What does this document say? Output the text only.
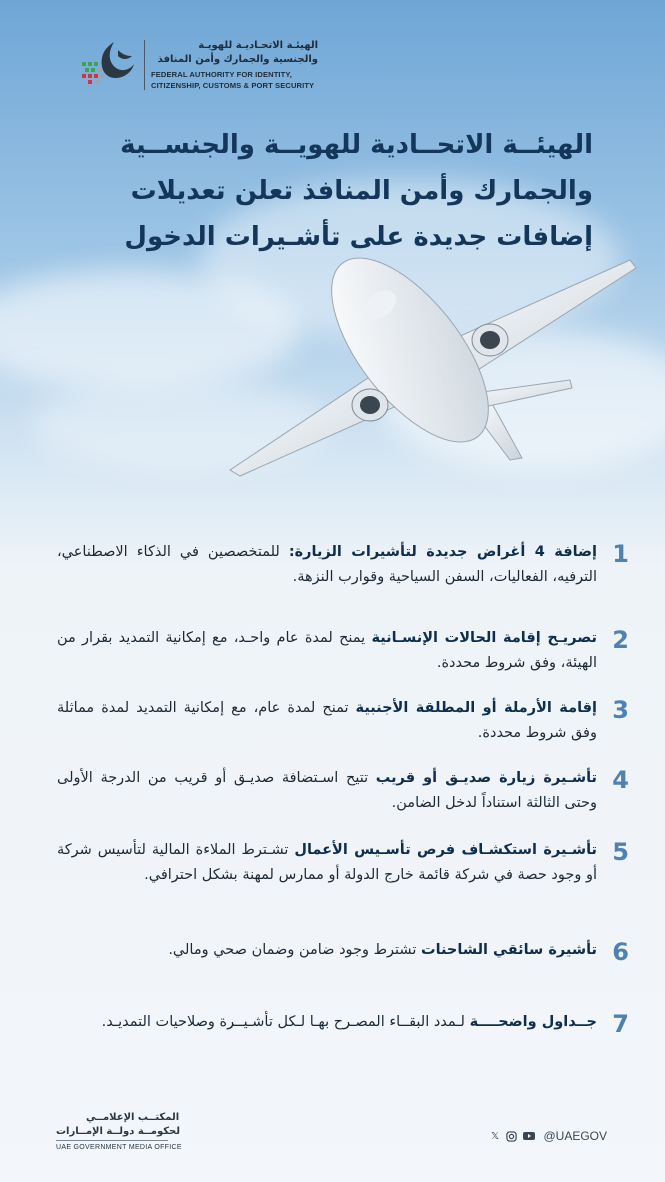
الهيئـة الاتحـاديـة للهويـة
والجنسية والجمارك وأمن المنافذ
FEDERAL AUTHORITY FOR IDENTITY,
CITIZENSHIP, CUSTOMS & PORT SECURITY
الهيئــة الاتحــادية للهويــة والجنســية
والجمارك وأمن المنافذ تعلن تعديلات
إضافات جديدة على تأشـيرات الدخول
1
إضافة 4 أغراض جديدة لتأشيرات الزيارة: للمتخصصين في الذكاء الاصطناعي، الترفيه، الفعاليات، السفن السياحية وقوارب النزهة.
2
تصريـح إقامة الحالات الإنسـانية يمنح لمدة عام واحـد، مع إمكانية التمديد بقرار من الهيئة، وفق شروط محددة.
3
إقامة الأرملة أو المطلقة الأجنبية تمنح لمدة عام، مع إمكانية التمديد لمدة مماثلة وفق شروط محددة.
4
تأشـيرة زيارة صديـق أو قريب تتيح اسـتضافة صديـق أو قريب من الدرجة الأولى وحتى الثالثة استناداً لدخل الضامن.
5
تأشـيرة استكشـاف فرص تأسـيس الأعمال تشـترط الملاءة المالية لتأسيس شركة أو وجود حصة في شركة قائمة خارج الدولة أو ممارس لمهنة بشكل احترافي.
6
تأشيرة سائقي الشاحنات تشترط وجود ضامن وضمان صحي ومالي.
7
جــداول واضحــــة لـمدد البقــاء المصـرح بهـا لـكل تأشـيــرة وصلاحيات التمديـد.
المكتــب الإعلامــي
لحكومــة دولــة الإمــارات
UAE GOVERNMENT MEDIA OFFICE
𝕏	@UAEGOV
